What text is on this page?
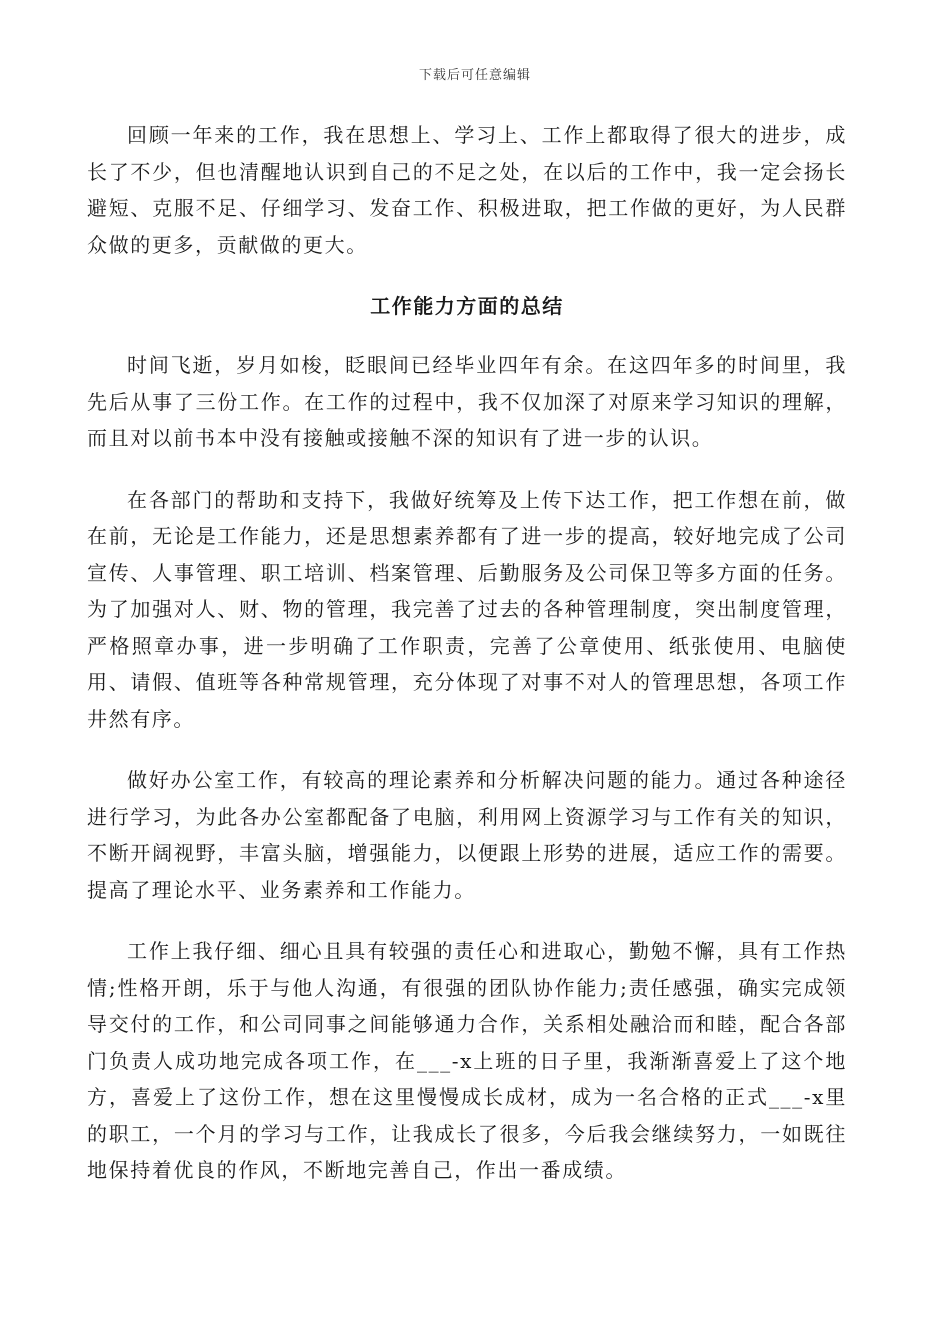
下载后可任意编辑

回顾一年来的工作，我在思想上、学习上、工作上都取得了很大的进步，成长了不少，但也清醒地认识到自己的不足之处，在以后的工作中，我一定会扬长避短、克服不足、仔细学习、发奋工作、积极进取，把工作做的更好，为人民群众做的更多，贡献做的更大。

工作能力方面的总结

时间飞逝，岁月如梭，眨眼间已经毕业四年有余。在这四年多的时间里，我先后从事了三份工作。在工作的过程中，我不仅加深了对原来学习知识的理解，而且对以前书本中没有接触或接触不深的知识有了进一步的认识。

在各部门的帮助和支持下，我做好统筹及上传下达工作，把工作想在前，做在前，无论是工作能力，还是思想素养都有了进一步的提高，较好地完成了公司宣传、人事管理、职工培训、档案管理、后勤服务及公司保卫等多方面的任务。为了加强对人、财、物的管理，我完善了过去的各种管理制度，突出制度管理，严格照章办事，进一步明确了工作职责，完善了公章使用、纸张使用、电脑使用、请假、值班等各种常规管理，充分体现了对事不对人的管理思想，各项工作井然有序。

做好办公室工作，有较高的理论素养和分析解决问题的能力。通过各种途径进行学习，为此各办公室都配备了电脑，利用网上资源学习与工作有关的知识，不断开阔视野，丰富头脑，增强能力，以便跟上形势的进展，适应工作的需要。提高了理论水平、业务素养和工作能力。

工作上我仔细、细心且具有较强的责任心和进取心，勤勉不懈，具有工作热情;性格开朗，乐于与他人沟通，有很强的团队协作能力;责任感强，确实完成领导交付的工作，和公司同事之间能够通力合作，关系相处融洽而和睦，配合各部门负责人成功地完成各项工作，在___-x上班的日子里，我渐渐喜爱上了这个地方，喜爱上了这份工作，想在这里慢慢成长成材，成为一名合格的正式___-x里的职工，一个月的学习与工作，让我成长了很多，今后我会继续努力，一如既往地保持着优良的作风，不断地完善自己，作出一番成绩。
